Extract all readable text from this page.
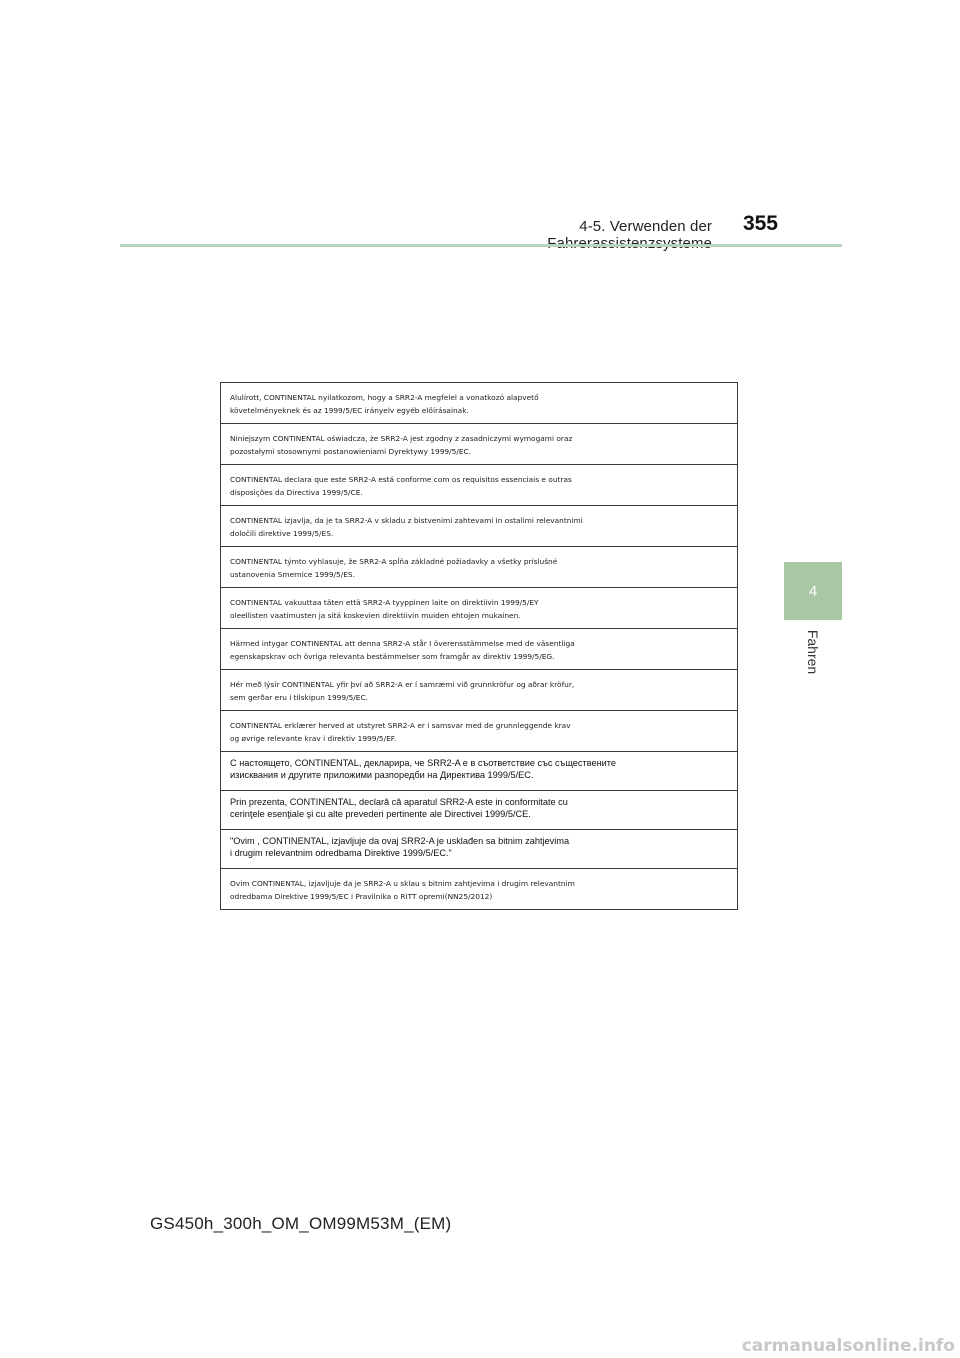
4-5. Verwenden der	355
4
Fahren

Alulírott, CONTINENTAL nyilatkozom, hogy a SRR2-A megfelel a vonatkozó alapvető

követelményeknek és az 1999/5/EC irányelv egyéb előírásainak.

Niniejszym CONTINENTAL oświadcza, że SRR2-A jest zgodny z zasadniczymi wymogami oraz

pozostałymi stosownymi postanowieniami Dyrektywy 1999/5/EC.

CONTINENTAL declara que este SRR2-A está conforme com os requisitos essenciais e outras

disposições da Directiva 1999/5/CE.

CONTINENTAL izjavlja, da je ta SRR2-A v skladu z bistvenimi zahtevami in ostalimi relevantnimi

določili direktive 1999/5/ES.

CONTINENTAL týmto vyhlasuje, že SRR2-A spĺňa základné požiadavky a všetky príslušné

ustanovenia Smernice 1999/5/ES.

CONTINENTAL vakuuttaa täten että SRR2-A tyyppinen laite on direktiivin 1999/5/EY

oleellisten vaatimusten ja sitä koskevien direktiivin muiden ehtojen mukainen.

Härmed intygar CONTINENTAL att denna SRR2-A står I överensstämmelse med de väsentliga

egenskapskrav och övriga relevanta bestämmelser som framgår av direktiv 1999/5/EG.

Hér með lýsir CONTINENTAL yfir því að SRR2-A er í samræmi við grunnkröfur og aðrar kröfur,

sem gerðar eru í tilskipun 1999/5/EC.

CONTINENTAL erklærer herved at utstyret SRR2-A er i samsvar med de grunnleggende krav

og øvrige relevante krav i direktiv 1999/5/EF.

С настоящето, CONTINENTAL, декларира, че SRR2-A е в съответствие със съществените

изисквания и другите приложими разпоредби на Директива 1999/5/EC.

Prin prezenta, CONTINENTAL, declară că aparatul SRR2-A este in conformitate cu

cerinţele esenţiale şi cu alte prevederi pertinente ale Directivei 1999/5/CE.

"Ovim , CONTINENTAL, izjavljuje da ovaj SRR2-A je usklađen sa bitnim zahtjevima

i drugim relevantnim odredbama Direktive 1999/5/EC."

Ovim CONTINENTAL, izjavljuje da je SRR2-A u sklau s bitnim zahtjevima i drugim relevantnim

odredbama Direktive 1999/5/EC i Pravilnika o RiTT opremi(NN25/2012)

GS450h_300h_OM_OM99M53M_(EM)
carmanualsonline.info
